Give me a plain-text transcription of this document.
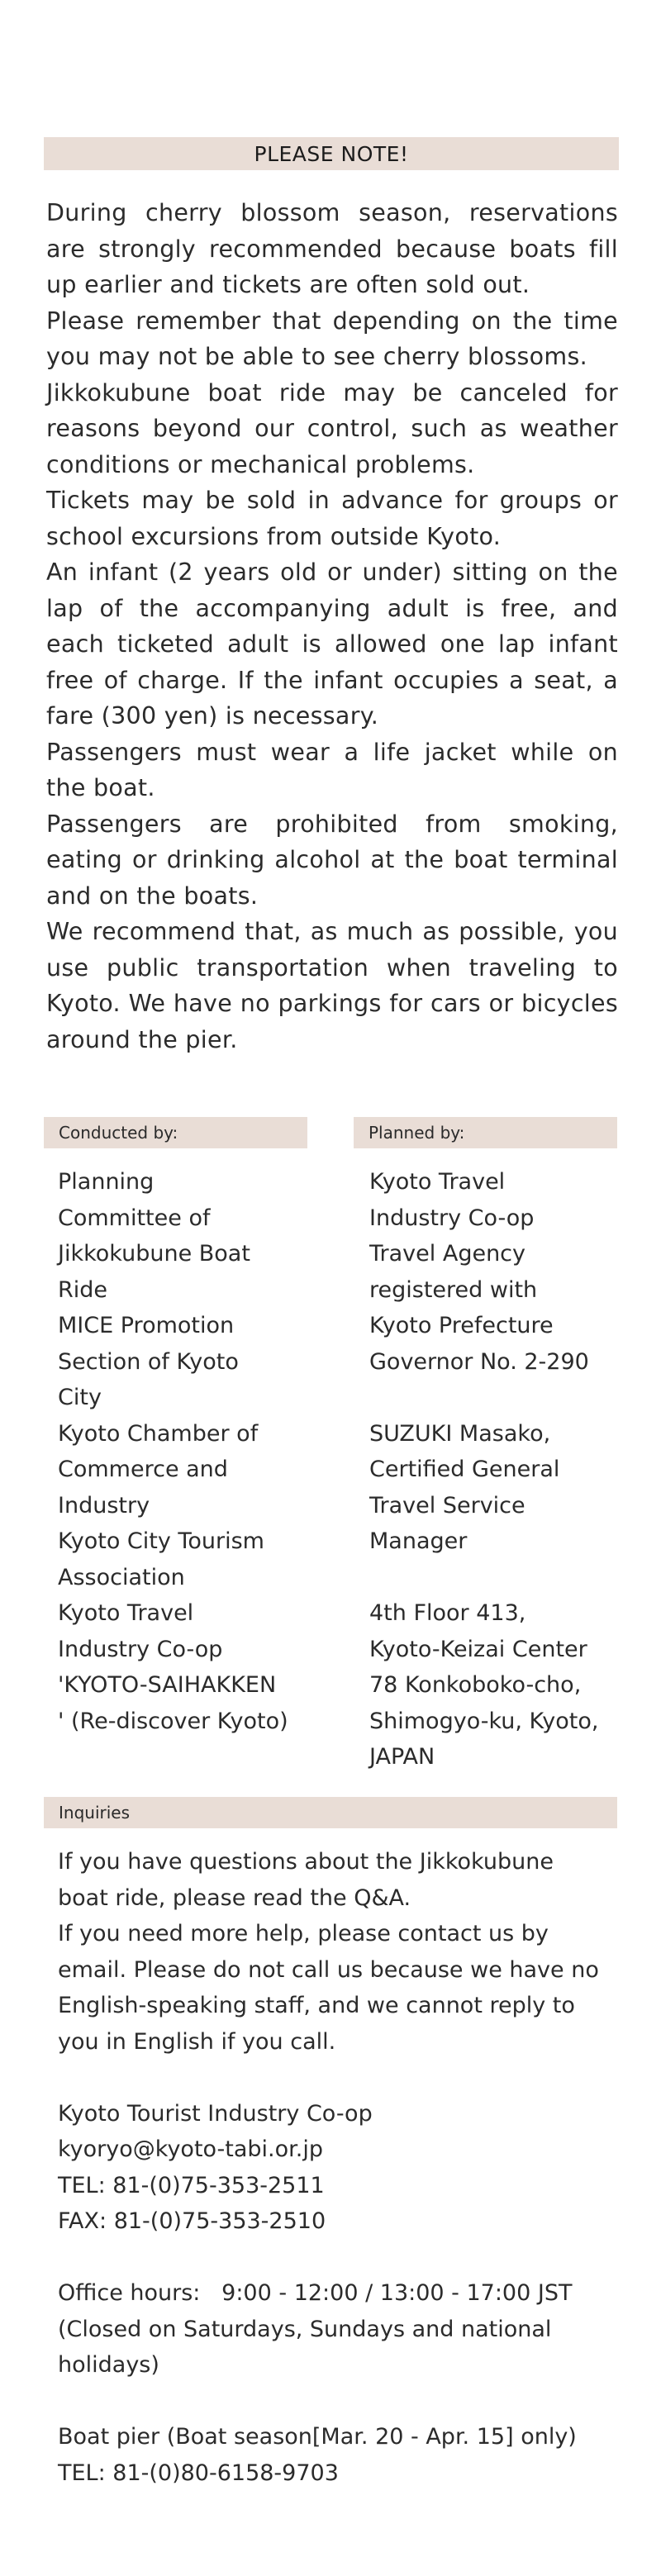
PLEASE NOTE!

During cherry blossom season, reservations are strongly recommended because boats fill up earlier and tickets are often sold out.

Please remember that depending on the time you may not be able to see cherry blossoms.

Jikkokubune boat ride may be canceled for reasons beyond our control, such as weather conditions or mechanical problems.

Tickets may be sold in advance for groups or school excursions from outside Kyoto.

An infant (2 years old or under) sitting on the lap of the accompanying adult is free, and each ticketed adult is allowed one lap infant free of charge. If the infant occupies a seat, a fare (300 yen) is necessary.

Passengers must wear a life jacket while on the boat.

Passengers are prohibited from smoking, eating or drinking alcohol at the boat terminal and on the boats.

We recommend that, as much as possible, you use public transportation when traveling to Kyoto. We have no parkings for cars or bicycles around the pier.

Conducted by:	Planned by:
Planning
Committee of
Jikkokubune Boat
Ride
MICE Promotion
Section of Kyoto
City
Kyoto Chamber of
Commerce and
Industry
Kyoto City Tourism
Association
Kyoto Travel
Industry Co-op
'KYOTO-SAIHAKKEN
' (Re-discover Kyoto)
Kyoto Travel
Industry Co-op
Travel Agency
registered with
Kyoto Prefecture
Governor No. 2-290
SUZUKI Masako,
Certified General
Travel Service
Manager
4th Floor 413,
Kyoto-Keizai Center
78 Konkoboko-cho,
Shimogyo-ku, Kyoto,
JAPAN
Inquiries
If you have questions about the Jikkokubune
boat ride, please read the Q&A.
If you need more help, please contact us by
email. Please do not call us because we have no
English-speaking staff, and we cannot reply to
you in English if you call.
Kyoto Tourist Industry Co-op
kyoryo@kyoto-tabi.or.jp
TEL: 81-(0)75-353-2511
FAX: 81-(0)75-353-2510
Office hours:   9:00 - 12:00 / 13:00 - 17:00 JST
(Closed on Saturdays, Sundays and national
holidays)
Boat pier (Boat season[Mar. 20 - Apr. 15] only)
TEL: 81-(0)80-6158-9703
